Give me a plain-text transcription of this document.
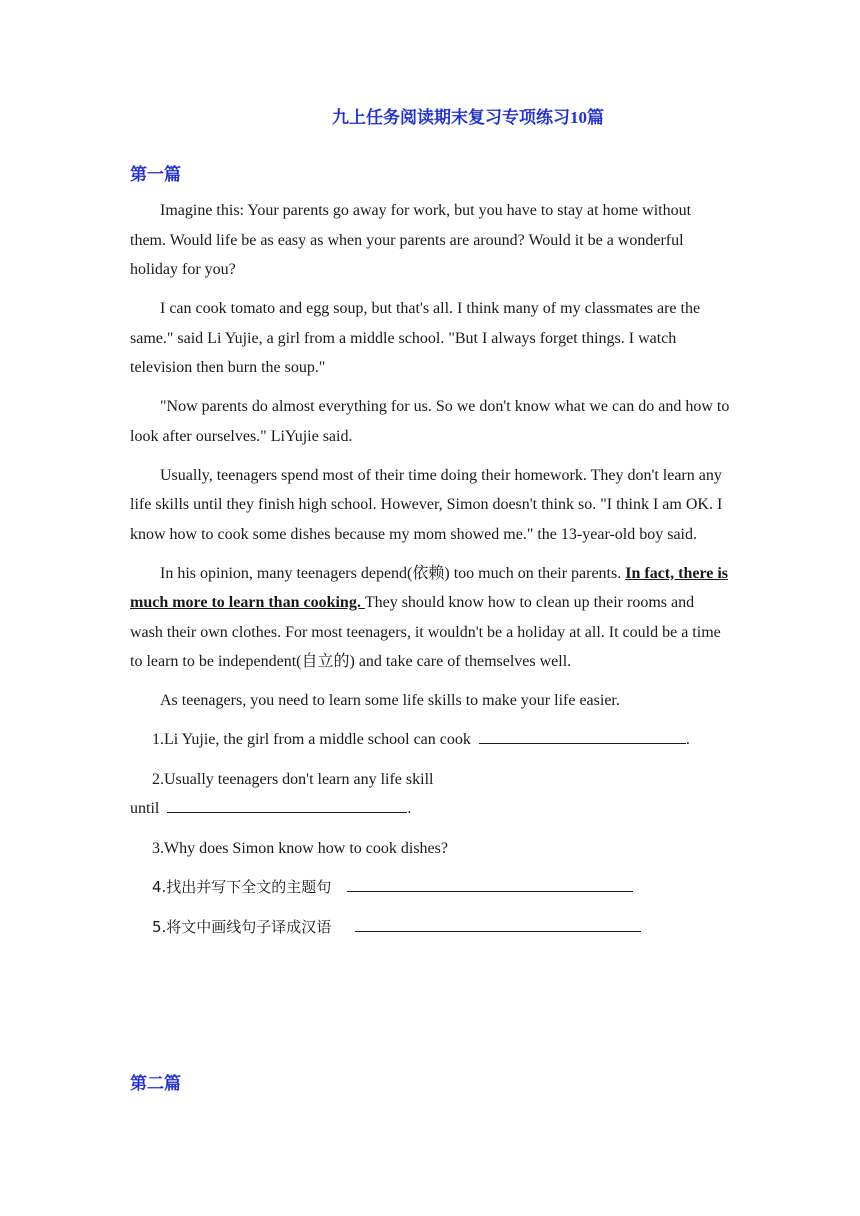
九上任务阅读期末复习专项练习10篇
第一篇

Imagine this: Your parents go away for work, but you have to stay at home without them. Would life be as easy as when your parents are around? Would it be a wonderful holiday for you?

I can cook tomato and egg soup, but that's all. I think many of my classmates are the same." said Li Yujie, a girl from a middle school. "But I always forget things. I watch television then burn the soup."

"Now parents do almost everything for us. So we don't know what we can do and how to look after ourselves." LiYujie said.

Usually, teenagers spend most of their time doing their homework. They don't learn any life skills until they finish high school. However, Simon doesn't think so. "I think I am OK. I know how to cook some dishes because my mom showed me." the 13-year-old boy said.

In his opinion, many teenagers depend(依赖) too much on their parents. In fact, there is much more to learn than cooking. They should know how to clean up their rooms and wash their own clothes. For most teenagers, it wouldn't be a holiday at all. It could be a time to learn to be independent(自立的) and take care of themselves well.

As teenagers, you need to learn some life skills to make your life easier.

1.Li Yujie, the girl from a middle school can cook	.

2.Usually teenagers don't learn any life skill

until	.

3.Why does Simon know how to cook dishes?

4.找出并写下全文的主题句

5.将文中画线句子译成汉语

第二篇
